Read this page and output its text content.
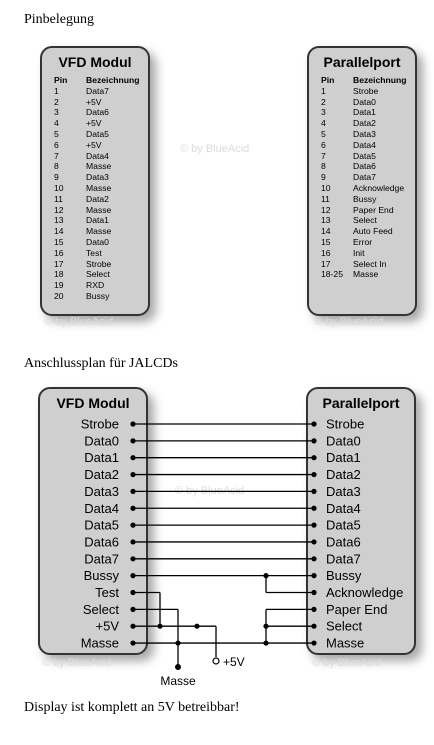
Pinbelegung
VFD Modul
Pin	Bezeichnung
1	Data7
2	+5V
3	Data6
4	+5V
5	Data5
6	+5V
7	Data4
8	Masse
9	Data3
10	Masse
11	Data2
12	Masse
13	Data1
14	Masse
15	Data0
16	Test
17	Strobe
18	Select
19	RXD
20	Bussy
Parallelport
Pin	Bezeichnung
1	Strobe
2	Data0
3	Data1
4	Data2
5	Data3
6	Data4
7	Data5
8	Data6
9	Data7
10	Acknowledge
11	Bussy
12	Paper End
13	Select
14	Auto Feed
15	Error
16	Init
17	Select In
18-25	Masse
© by BlueAcid
© by BlueAcid	© by BlueAcid
Anschlussplan für JALCDs
VFD Modul	Parallelport
© by BlueAcid
© by BlueAcid	© by BlueAcid
Strobe
Data0
Data1
Data2
Data3
Data4
Data5
Data6
Data7
Bussy
Test
Select
+5V
Masse
Strobe
Data0
Data1
Data2
Data3
Data4
Data5
Data6
Data7
Bussy
Acknowledge
Paper End
Select
Masse
+5V
Masse
Display ist komplett an 5V betreibbar!
